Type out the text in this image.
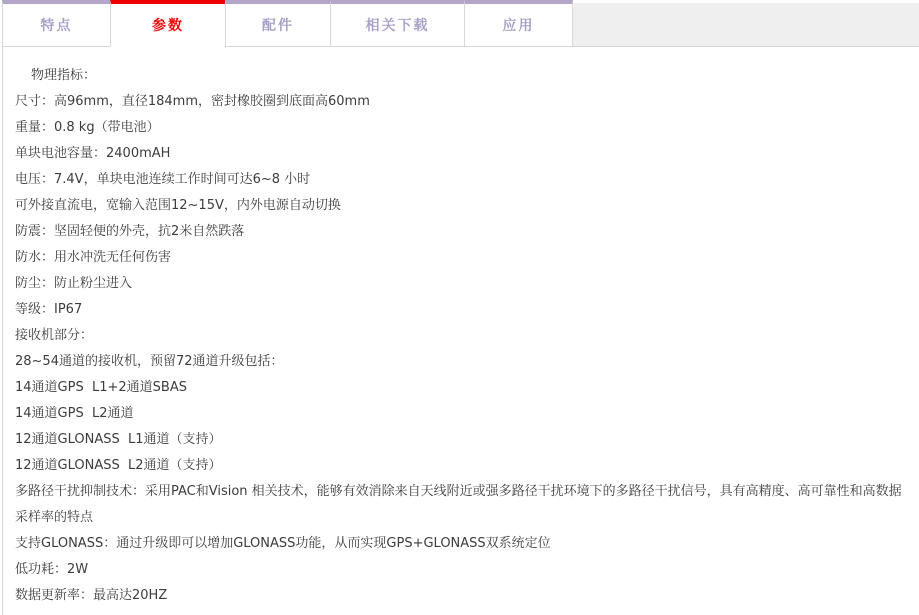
特点	参数	配件	相关下载	应用

物理指标：

尺寸：高96mm，直径184mm，密封橡胶圈到底面高60mm

重量：0.8 kg（带电池）

单块电池容量：2400mAH

电压：7.4V，单块电池连续工作时间可达6~8 小时

可外接直流电，宽输入范围12~15V，内外电源自动切换

防震：坚固轻便的外壳，抗2米自然跌落

防水：用水冲洗无任何伤害

防尘：防止粉尘进入

等级：IP67

接收机部分：

28~54通道的接收机，预留72通道升级包括：

14通道GPS  L1+2通道SBAS

14通道GPS  L2通道

12通道GLONASS  L1通道（支持）

12通道GLONASS  L2通道（支持）

多路径干扰抑制技术：采用PAC和Vision 相关技术，能够有效消除来自天线附近或强多路径干扰环境下的多路径干扰信号，具有高精度、高可靠性和高数据采样率的特点

支持GLONASS：通过升级即可以增加GLONASS功能，从而实现GPS+GLONASS双系统定位

低功耗：2W

数据更新率：最高达20HZ
